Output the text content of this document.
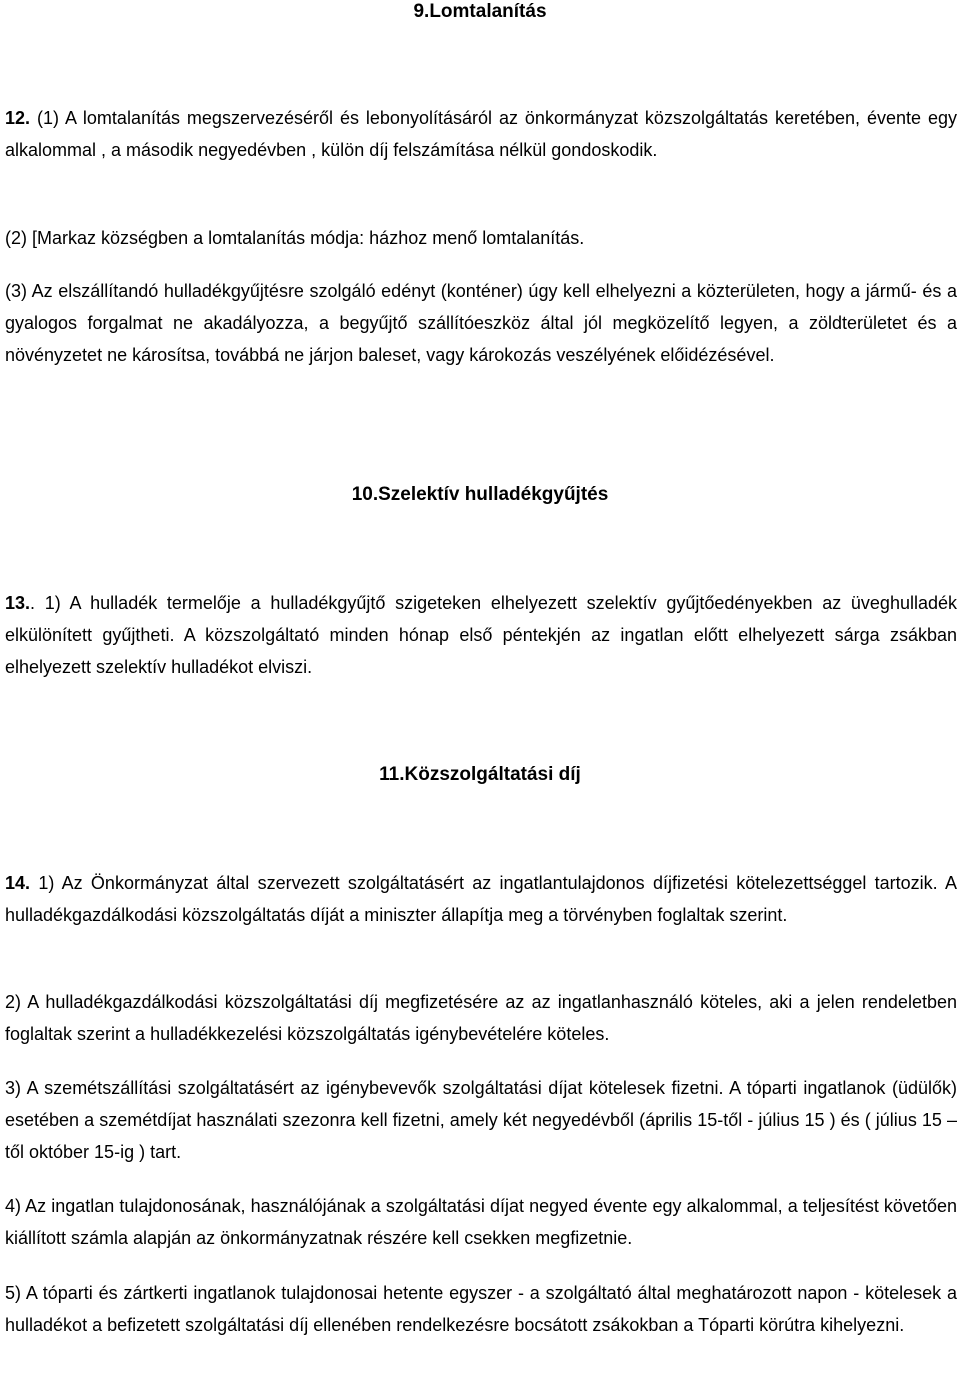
9.Lomtalanítás

12. (1) A lomtalanítás megszervezéséről és lebonyolításáról az önkormányzat közszolgáltatás keretében, évente egy alkalommal , a második negyedévben , külön díj felszámítása nélkül gondoskodik.

(2) [Markaz községben a lomtalanítás módja: házhoz menő lomtalanítás.

(3) Az elszállítandó hulladékgyűjtésre szolgáló edényt (konténer) úgy kell elhelyezni a közterületen, hogy a jármű- és a gyalogos forgalmat ne akadályozza, a begyűjtő szállítóeszköz által jól megközelítő legyen, a zöldterületet és a növényzetet ne károsítsa, továbbá ne járjon baleset, vagy károkozás veszélyének előidézésével.

10.Szelektív hulladékgyűjtés

13.. 1) A hulladék termelője a hulladékgyűjtő szigeteken elhelyezett szelektív gyűjtőedényekben az üveghulladék elkülönített gyűjtheti. A közszolgáltató minden hónap első péntekjén az ingatlan előtt elhelyezett sárga zsákban elhelyezett szelektív hulladékot elviszi.

11.Közszolgáltatási díj

14. 1) Az Önkormányzat által szervezett szolgáltatásért az ingatlantulajdonos díjfizetési kötelezettséggel tartozik. A hulladékgazdálkodási közszolgáltatás díját a miniszter állapítja meg a törvényben foglaltak szerint.

2) A hulladékgazdálkodási közszolgáltatási díj megfizetésére az az ingatlanhasználó köteles, aki a jelen rendeletben foglaltak szerint a hulladékkezelési közszolgáltatás igénybevételére köteles.

3) A szemétszállítási szolgáltatásért az igénybevevők szolgáltatási díjat kötelesek fizetni. A tóparti ingatlanok (üdülők) esetében a szemétdíjat használati szezonra kell fizetni, amely két negyedévből (április 15-től - július 15 ) és ( július 15 –től október 15-ig ) tart.

4) Az ingatlan tulajdonosának, használójának a szolgáltatási díjat negyed évente egy alkalommal, a teljesítést követően kiállított számla alapján az önkormányzatnak részére kell csekken megfizetnie.

5) A tóparti és zártkerti ingatlanok tulajdonosai hetente egyszer - a szolgáltató által meghatározott napon - kötelesek a hulladékot a befizetett szolgáltatási díj ellenében rendelkezésre bocsátott zsákokban a Tóparti körútra kihelyezni.
